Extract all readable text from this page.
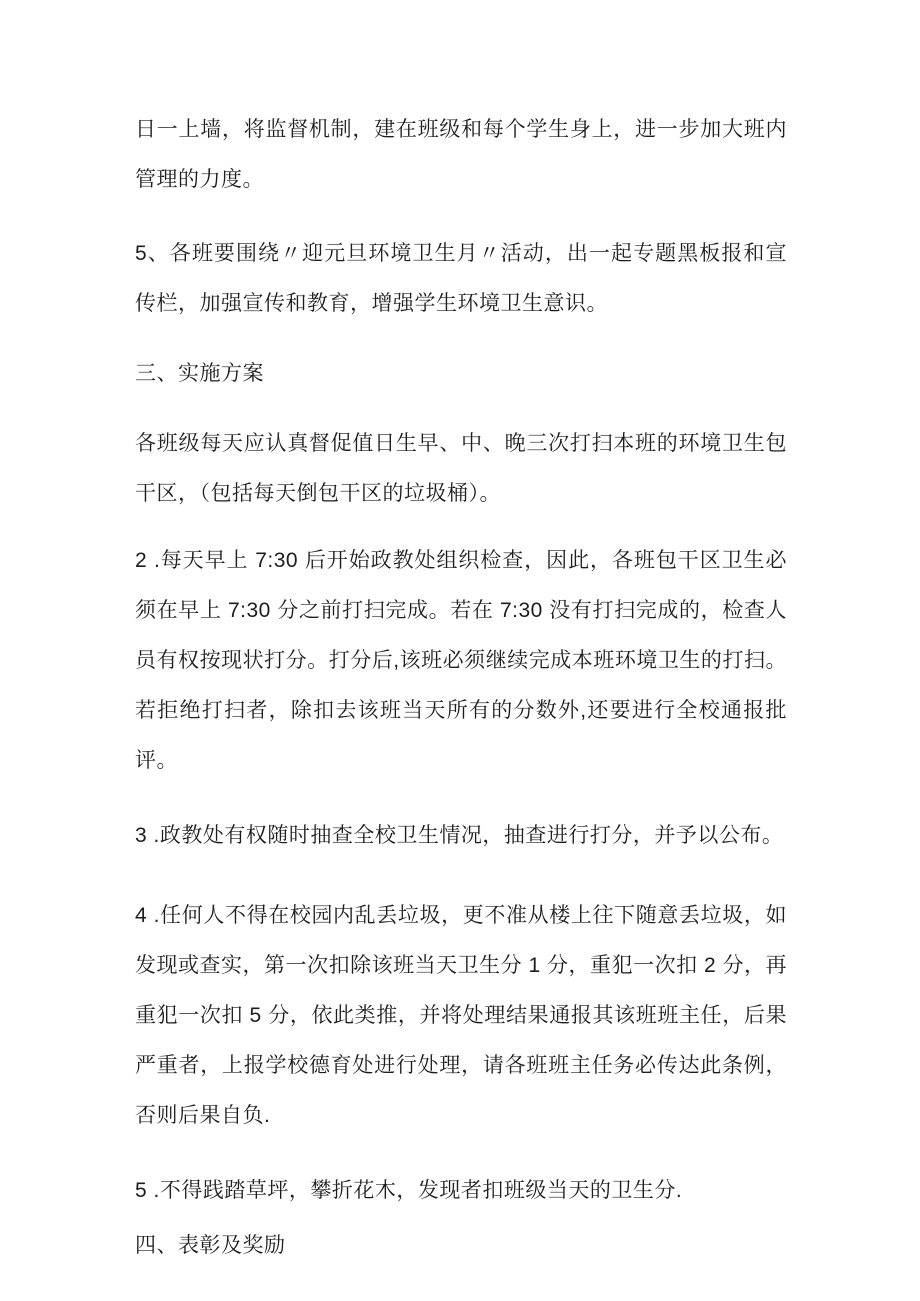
日一上墙，将监督机制，建在班级和每个学生身上，进一步加大班内管理的力度。

5、各班要围绕〃迎元旦环境卫生月〃活动，出一起专题黑板报和宣传栏，加强宣传和教育，增强学生环境卫生意识。

三、实施方案

各班级每天应认真督促值日生早、中、晚三次打扫本班的环境卫生包干区，（包括每天倒包干区的垃圾桶）。

2 .每天早上 7:30 后开始政教处组织检查，因此，各班包干区卫生必须在早上 7:30 分之前打扫完成。若在 7:30 没有打扫完成的，检查人员有权按现状打分。打分后,该班必须继续完成本班环境卫生的打扫。若拒绝打扫者，除扣去该班当天所有的分数外,还要进行全校通报批评。

3 .政教处有权随时抽查全校卫生情况，抽查进行打分，并予以公布。

4 .任何人不得在校园内乱丢垃圾，更不准从楼上往下随意丢垃圾，如发现或查实，第一次扣除该班当天卫生分 1 分，重犯一次扣 2 分，再重犯一次扣 5 分，依此类推，并将处理结果通报其该班班主任，后果严重者，上报学校德育处进行处理，请各班班主任务必传达此条例，否则后果自负.

5 .不得践踏草坪，攀折花木，发现者扣班级当天的卫生分.

四、表彰及奖励
